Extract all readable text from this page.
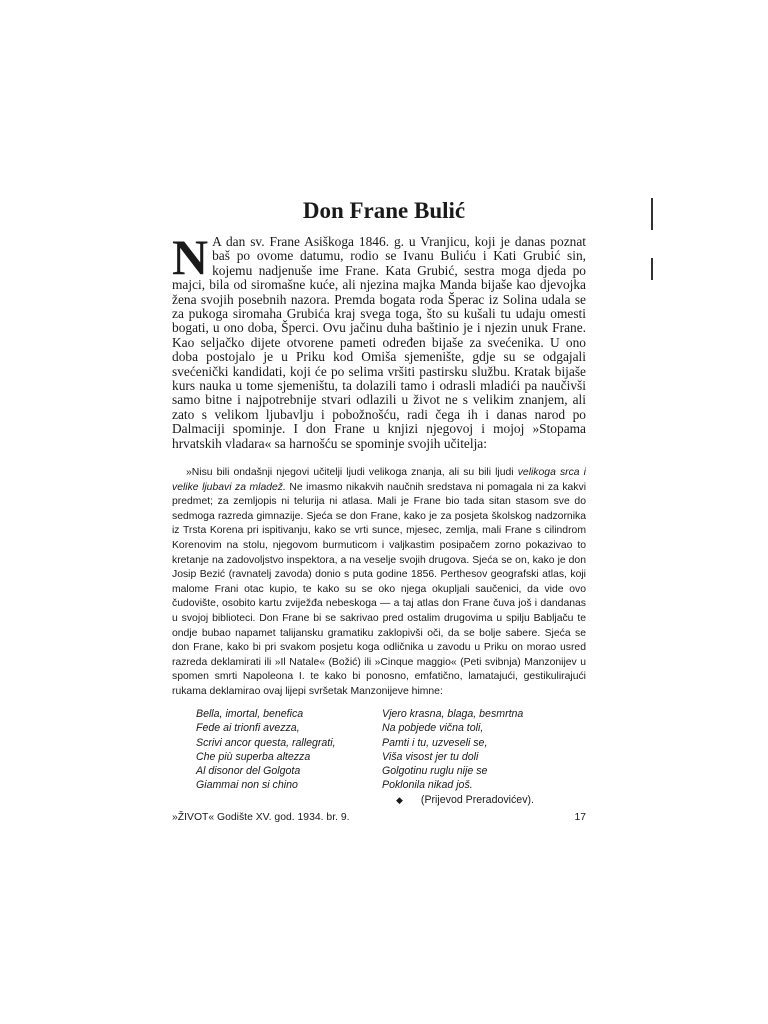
Don Frane Bulić

N A dan sv. Frane Asiškoga 1846. g. u Vranjicu, koji je danas poznat baš po ovome datumu, rodio se Ivanu Buliću i Kati Grubić sin, kojemu nadjenuše ime Frane. Kata Grubić, sestra moga djeda po majci, bila od siromašne kuće, ali njezina majka Manda bijaše kao djevojka žena svojih posebnih nazora. Premda bogata roda Šperac iz Solina udala se za pukoga siromaha Grubića kraj svega toga, što su kušali tu udaju omesti bogati, u ono doba, Šperci. Ovu jačinu duha baštinio je i njezin unuk Frane. Kao seljačko dijete otvorene pameti određen bijaše za svećenika. U ono doba postojalo je u Priku kod Omiša sjemenište, gdje su se odgajali svećenički kandidati, koji će po selima vršiti pastirsku službu. Kratak bijaše kurs nauka u tome sjemeništu, ta dolazili tamo i odrasli mladići pa naučivši samo bitne i najpotrebnije stvari odlazili u život ne s velikim znanjem, ali zato s velikom ljubavlju i pobožnošću, radi čega ih i danas narod po Dalmaciji spominje. I don Frane u knjizi njegovoj i mojoj »Stopama hrvatskih vladara« sa harnošću se spominje svojih učitelja:

»Nisu bili ondašnji njegovi učitelji ljudi velikoga znanja, ali su bili ljudi velikoga srca i velike ljubavi za mladež. Ne imasmo nikakvih naučnih sredstava ni pomagala ni za kakvi predmet; za zemljopis ni telurija ni atlasa. Mali je Frane bio tada sitan stasom sve do sedmoga razreda gimnazije. Sjeća se don Frane, kako je za posjeta školskog nadzornika iz Trsta Korena pri ispitivanju, kako se vrti sunce, mjesec, zemlja, mali Frane s cilindrom Korenovim na stolu, njegovom burmuticom i valjkastim posipačem zorno pokazivao to kretanje na zadovoljstvo inspektora, a na veselje svojih drugova. Sjeća se on, kako je don Josip Bezić (ravnatelj zavoda) donio s puta godine 1856. Perthesov geografski atlas, koji malome Frani otac kupio, te kako su se oko njega okupljali saučenici, da vide ovo čudovište, osobito kartu zviježđa nebeskoga — a taj atlas don Frane čuva još i dandanas u svojoj biblioteci. Don Frane bi se sakrivao pred ostalim drugovima u spilju Babljaču te ondje bubao napamet talijansku gramatiku zaklopivši oči, da se bolje sabere. Sjeća se don Frane, kako bi pri svakom posjetu koga odličnika u zavodu u Priku on morao usred razreda deklamirati ili »Il Natale« (Božić) ili »Cinque maggio« (Peti svibnja) Manzonijev u spomen smrti Napoleona I. te kako bi ponosno, emfatično, lamatajući, gestikulirajući rukama deklamirao ovaj lijepi svršetak Manzonijeve himne:

Bella, imortal, benefica
Fede ai trionfi avezza,
Scrivi ancor questa, rallegrati,
Che più superba altezza
Al disonor del Golgota
Giammai non si chino
Vjero krasna, blaga, besmrtna
Na pobjede vična toli,
Pamti i tu, uzveseli se,
Viša visost jer tu doli
Golgotinu ruglu nije se
Poklonila nikad još.
◆ (Prijevod Preradovićev).
»ŽIVOT« Godište XV. god. 1934. br. 9.	17
